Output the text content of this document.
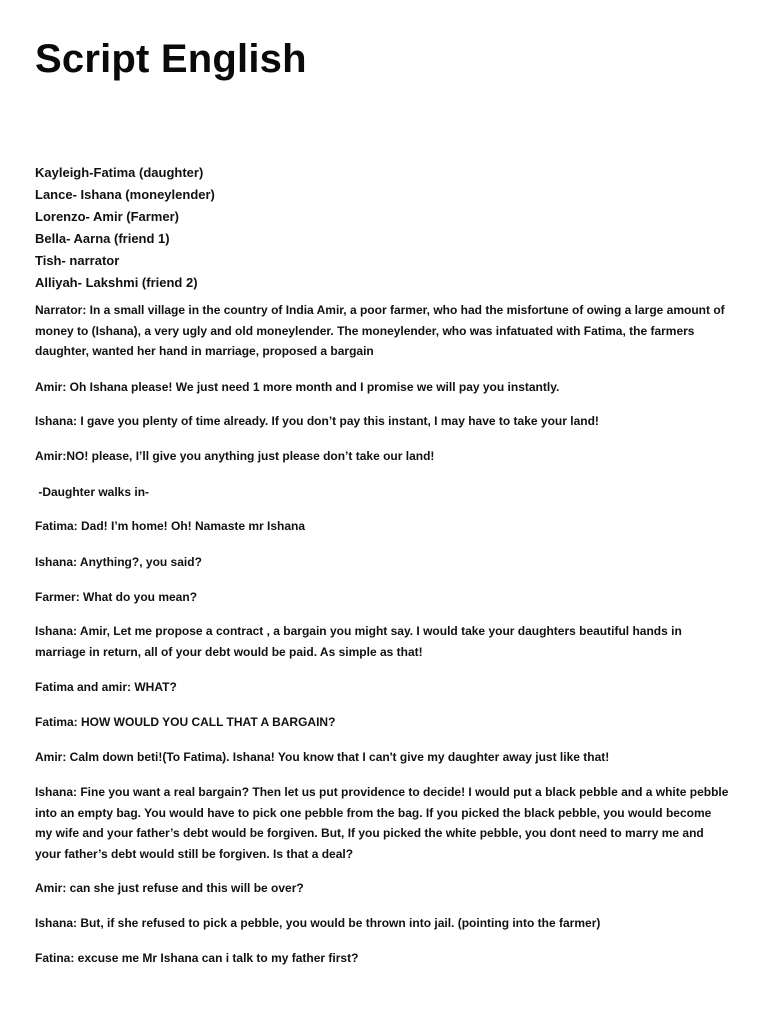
Script English
Kayleigh-Fatima (daughter)
Lance- Ishana (moneylender)
Lorenzo- Amir (Farmer)
Bella- Aarna (friend 1)
Tish- narrator
Alliyah- Lakshmi (friend 2)

Narrator: In a small village in the country of India Amir, a poor farmer, who had the misfortune of owing a large amount of money to (Ishana), a very ugly and old moneylender. The moneylender, who was infatuated with Fatima, the farmers daughter, wanted her hand in marriage, proposed a bargain

Amir: Oh Ishana please! We just need 1 more month and I promise we will pay you instantly.

Ishana: I gave you plenty of time already. If you don’t pay this instant, I may have to take your land!

Amir:NO! please, I’ll give you anything just please don’t take our land!

-Daughter walks in-

Fatima: Dad! I’m home! Oh! Namaste mr Ishana

Ishana: Anything?, you said?

Farmer: What do you mean?

Ishana: Amir, Let me propose a contract , a bargain you might say. I would take your daughters beautiful hands in marriage in return, all of your debt would be paid. As simple as that!

Fatima and amir: WHAT?

Fatima: HOW WOULD YOU CALL THAT A BARGAIN?

Amir: Calm down beti!(To Fatima). Ishana! You know that I can't give my daughter away just like that!

Ishana: Fine you want a real bargain? Then let us put providence to decide! I would put a black pebble and a white pebble into an empty bag. You would have to pick one pebble from the bag. If you picked the black pebble, you would become my wife and your father’s debt would be forgiven. But, If you picked the white pebble, you dont need to marry me and your father’s debt would still be forgiven. Is that a deal?

Amir: can she just refuse and this will be over?

Ishana: But, if she refused to pick a pebble, you would be thrown into jail. (pointing into the farmer)

Fatina: excuse me Mr Ishana can i talk to my father first?
